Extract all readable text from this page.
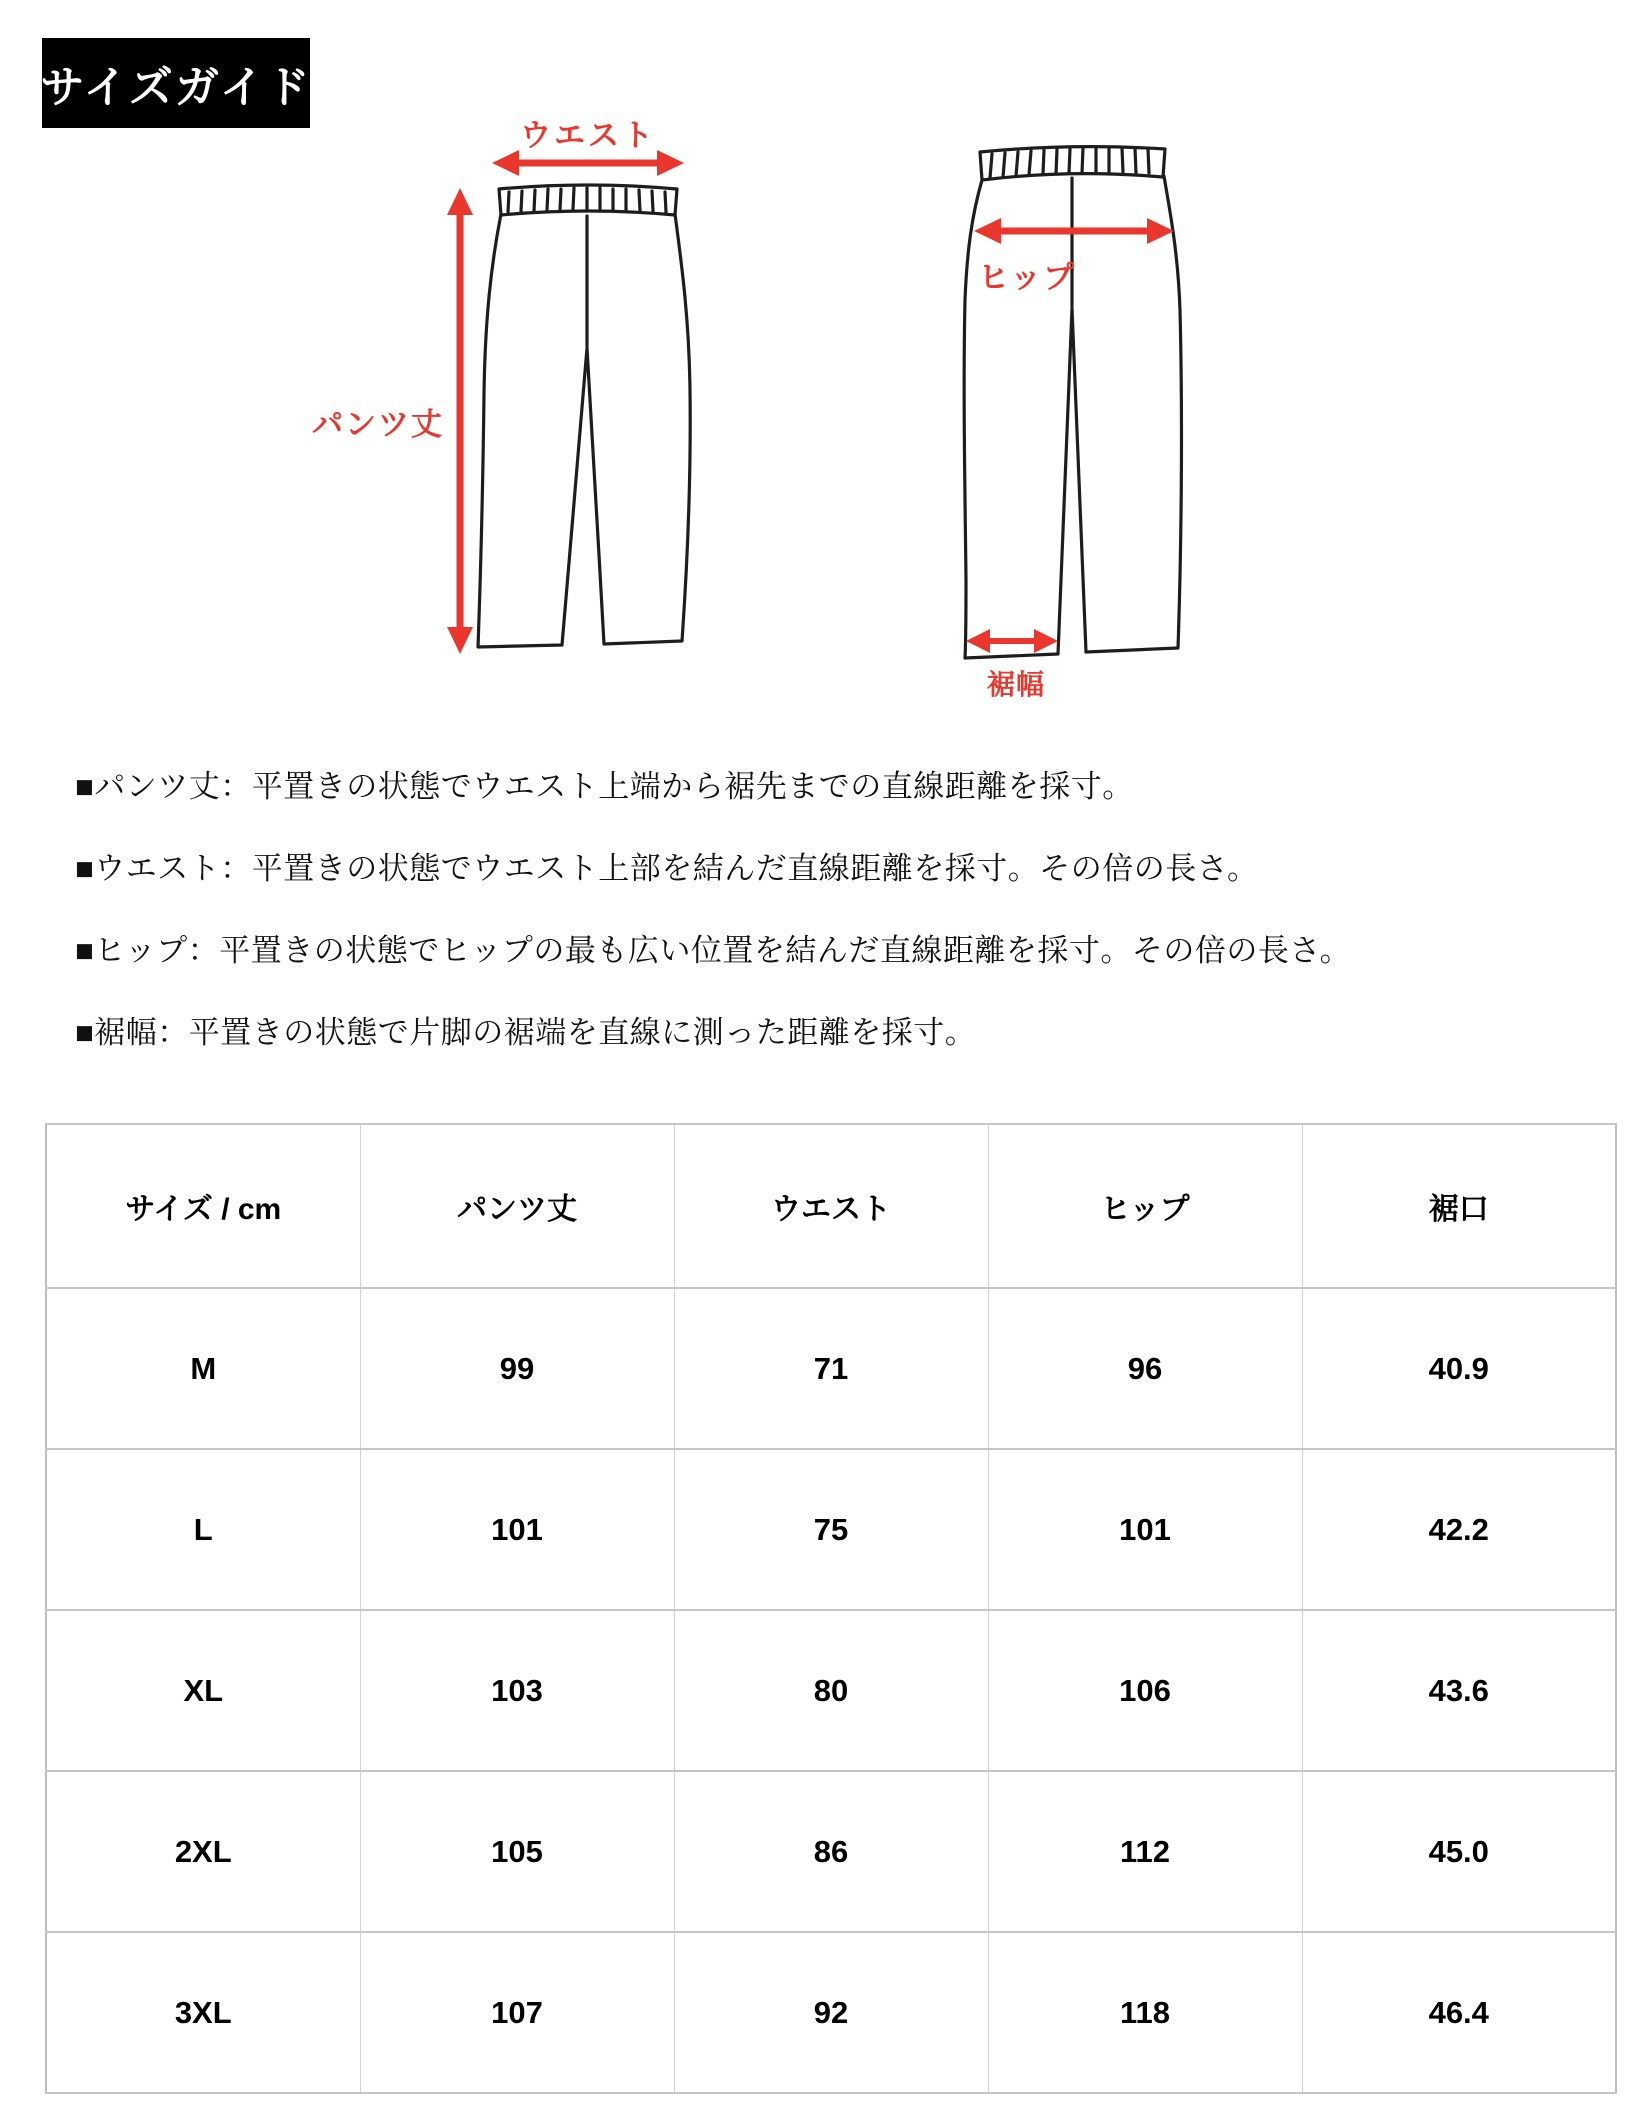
サイズガイド
ウエスト
パンツ丈
ヒップ
裾幅

■パンツ丈：平置きの状態でウエスト上端から裾先までの直線距離を採寸。

■ウエスト：平置きの状態でウエスト上部を結んだ直線距離を採寸。その倍の長さ。

■ヒップ：平置きの状態でヒップの最も広い位置を結んだ直線距離を採寸。その倍の長さ。

■裾幅：平置きの状態で片脚の裾端を直線に測った距離を採寸。

サイズ / cm	パンツ丈	ウエスト	ヒップ	裾口
M	99	71	96	40.9
L	101	75	101	42.2
XL	103	80	106	43.6
2XL	105	86	112	45.0
3XL	107	92	118	46.4
